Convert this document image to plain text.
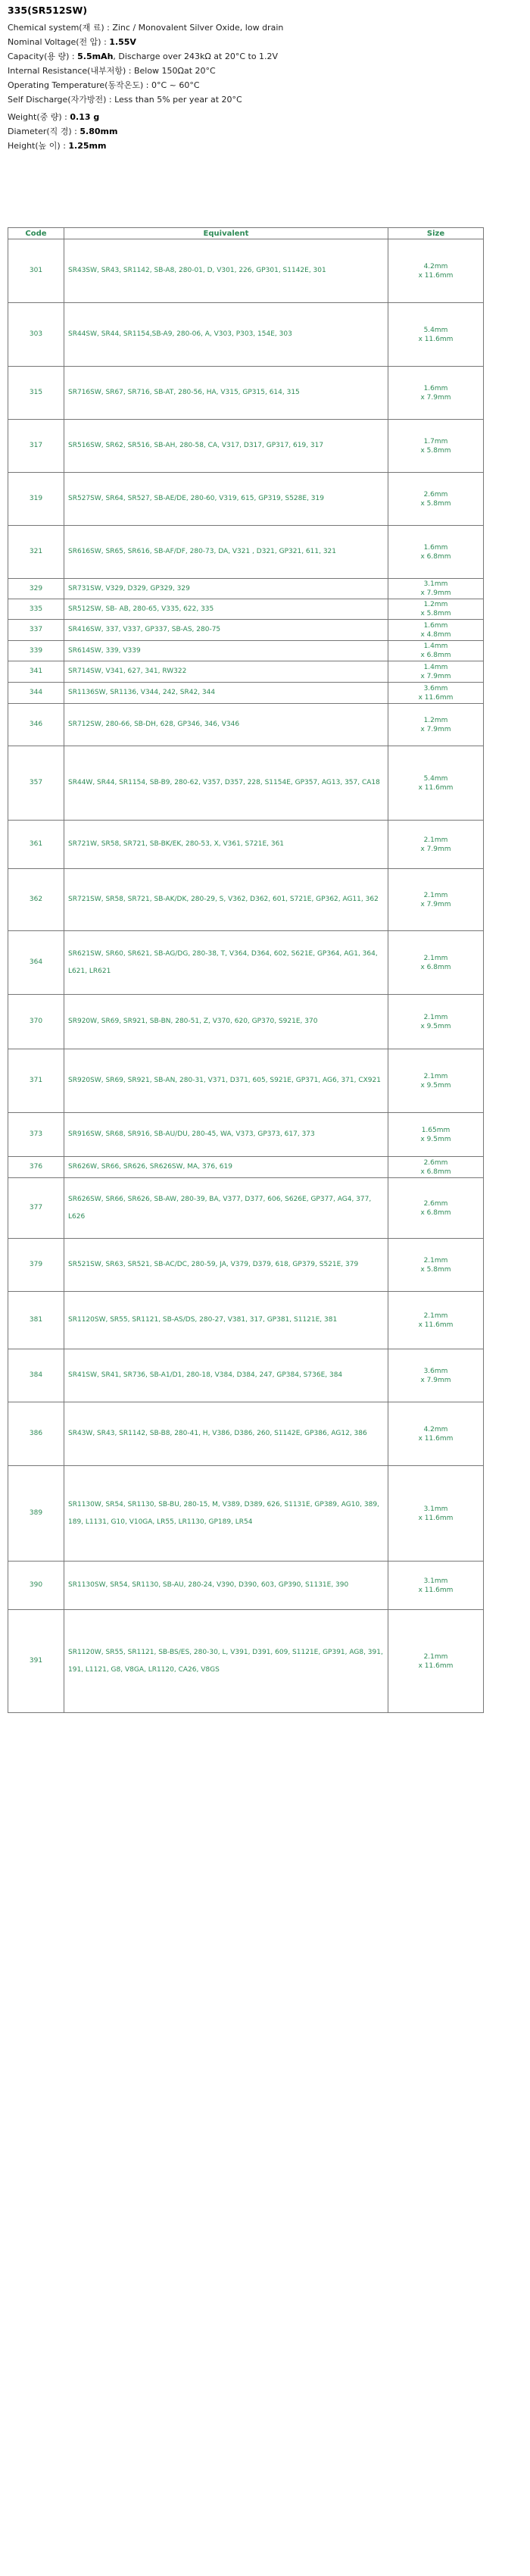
335(SR512SW)
Chemical system(재 료) : Zinc / Monovalent Silver Oxide, low drain
Nominal Voltage(전 압) : 1.55V
Capacity(용 량) : 5.5mAh, Discharge over 243kΩ at 20°C to 1.2V
Internal Resistance(내부저항) : Below 150Ωat 20°C
Operating Temperature(동작온도) : 0°C ~ 60°C
Self Discharge(자가방전) : Less than 5% per year at 20°C
Weight(중 량) : 0.13 g
Diameter(직 경) : 5.80mm
Height(높 이) : 1.25mm
Code	Equivalent	Size
301	SR43SW, SR43, SR1142, SB-A8, 280-01, D, V301, 226, GP301, S1142E, 301	4.2mm
x 11.6mm

303	SR44SW, SR44, SR1154,SB-A9, 280-06, A, V303, P303, 154E, 303	5.4mm
x 11.6mm

315	SR716SW, SR67, SR716, SB-AT, 280-56, HA, V315, GP315, 614, 315	1.6mm
x 7.9mm

317	SR516SW, SR62, SR516, SB-AH, 280-58, CA, V317, D317, GP317, 619, 317	1.7mm
x 5.8mm

319	SR527SW, SR64, SR527, SB-AE/DE, 280-60, V319, 615, GP319, S528E, 319	2.6mm
x 5.8mm

321	SR616SW, SR65, SR616, SB-AF/DF, 280-73, DA, V321 , D321, GP321, 611, 321	1.6mm
x 6.8mm

329	SR731SW, V329, D329, GP329, 329	3.1mm
x 7.9mm

335	SR512SW, SB- AB, 280-65, V335, 622, 335	1.2mm
x 5.8mm

337	SR416SW, 337, V337, GP337, SB-AS, 280-75	1.6mm
x 4.8mm

339	SR614SW, 339, V339	1.4mm
x 6.8mm

341	SR714SW, V341, 627, 341, RW322	1.4mm
x 7.9mm

344	SR1136SW, SR1136, V344, 242, SR42, 344	3.6mm
x 11.6mm

346	SR712SW, 280-66, SB-DH, 628, GP346, 346, V346	1.2mm
x 7.9mm

357	SR44W, SR44, SR1154, SB-B9, 280-62, V357, D357, 228, S1154E, GP357, AG13, 357, CA18	5.4mm
x 11.6mm

361	SR721W, SR58, SR721, SB-BK/EK, 280-53, X, V361, S721E, 361	2.1mm
x 7.9mm

362	SR721SW, SR58, SR721, SB-AK/DK, 280-29, S, V362, D362, 601, S721E, GP362, AG11, 362	2.1mm
x 7.9mm

364	SR621SW, SR60, SR621, SB-AG/DG, 280-38, T, V364, D364, 602, S621E, GP364, AG1, 364, L621, LR621	2.1mm
x 6.8mm

370	SR920W, SR69, SR921, SB-BN, 280-51, Z, V370, 620, GP370, S921E, 370	2.1mm
x 9.5mm

371	SR920SW, SR69, SR921, SB-AN, 280-31, V371, D371, 605, S921E, GP371, AG6, 371, CX921	2.1mm
x 9.5mm

373	SR916SW, SR68, SR916, SB-AU/DU, 280-45, WA, V373, GP373, 617, 373	1.65mm
x 9.5mm

376	SR626W, SR66, SR626, SR626SW, MA, 376, 619	2.6mm
x 6.8mm

377	SR626SW, SR66, SR626, SB-AW, 280-39, BA, V377, D377, 606, S626E, GP377, AG4, 377, L626	2.6mm
x 6.8mm

379	SR521SW, SR63, SR521, SB-AC/DC, 280-59, JA, V379, D379, 618, GP379, S521E, 379	2.1mm
x 5.8mm

381	SR1120SW, SR55, SR1121, SB-AS/DS, 280-27, V381, 317, GP381, S1121E, 381	2.1mm
x 11.6mm

384	SR41SW, SR41, SR736, SB-A1/D1, 280-18, V384, D384, 247, GP384, S736E, 384	3.6mm
x 7.9mm

386	SR43W, SR43, SR1142, SB-B8, 280-41, H, V386, D386, 260, S1142E, GP386, AG12, 386	4.2mm
x 11.6mm

389	SR1130W, SR54, SR1130, SB-BU, 280-15, M, V389, D389, 626, S1131E, GP389, AG10, 389, 189, L1131, G10, V10GA, LR55, LR1130, GP189, LR54	3.1mm
x 11.6mm

390	SR1130SW, SR54, SR1130, SB-AU, 280-24, V390, D390, 603, GP390, S1131E, 390	3.1mm
x 11.6mm

391	SR1120W, SR55, SR1121, SB-BS/ES, 280-30, L, V391, D391, 609, S1121E, GP391, AG8, 391, 191, L1121, G8, V8GA, LR1120, CA26, V8GS	2.1mm
x 11.6mm
